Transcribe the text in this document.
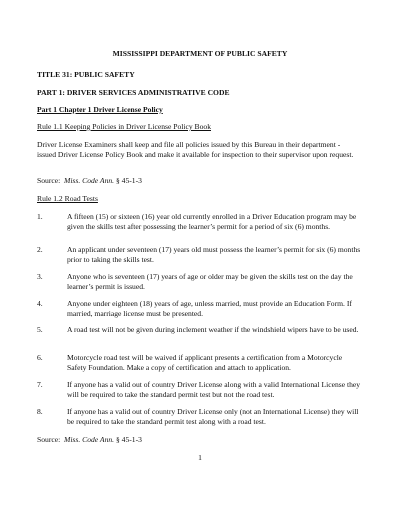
MISSISSIPPI DEPARTMENT OF PUBLIC SAFETY
TITLE 31: PUBLIC SAFETY
PART 1: DRIVER SERVICES ADMINISTRATIVE CODE
Part 1 Chapter 1 Driver License Policy
Rule 1.1 Keeping Policies in Driver License Policy Book
Driver License Examiners shall keep and file all policies issued by this Bureau in their department - issued Driver License Policy Book and make it available for inspection to their supervisor upon request.
Source: Miss. Code Ann. § 45-1-3
Rule 1.2 Road Tests
1.	A fifteen (15) or sixteen (16) year old currently enrolled in a Driver Education program may be given the skills test after possessing the learner’s permit for a period of six (6) months.
2.	An applicant under seventeen (17) years old must possess the learner’s permit for six (6) months prior to taking the skills test.
3.	Anyone who is seventeen (17) years of age or older may be given the skills test on the day the learner’s permit is issued.
4.	Anyone under eighteen (18) years of age, unless married, must provide an Education Form. If married, marriage license must be presented.
5.	A road test will not be given during inclement weather if the windshield wipers have to be used.
6.	Motorcycle road test will be waived if applicant presents a certification from a Motorcycle Safety Foundation. Make a copy of certification and attach to application.
7.	If anyone has a valid out of country Driver License along with a valid International License they will be required to take the standard permit test but not the road test.
8.	If anyone has a valid out of country Driver License only (not an International License) they will be required to take the standard permit test along with a road test.
Source: Miss. Code Ann. § 45-1-3
1
